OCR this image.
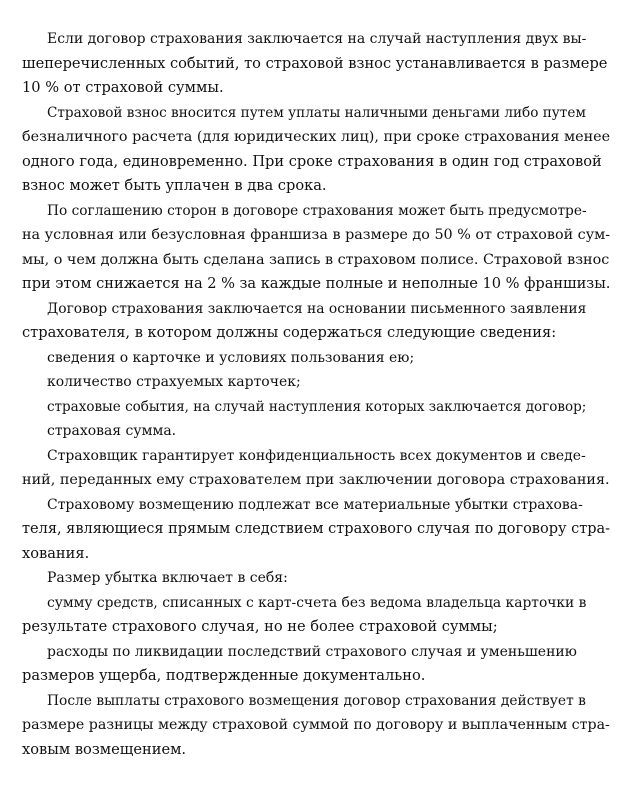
Если договор страхования заключается на случай наступления двух вы-
шеперечисленных событий, то страховой взнос устанавливается в размере
10 % от страховой суммы.

Страховой взнос вносится путем уплаты наличными деньгами либо путем
безналичного расчета (для юридических лиц), при сроке страхования менее
одного года, единовременно. При сроке страхования в один год страховой
взнос может быть уплачен в два срока.

По соглашению сторон в договоре страхования может быть предусмотре-
на условная или безусловная франшиза в размере до 50 % от страховой сум-
мы, о чем должна быть сделана запись в страховом полисе. Страховой взнос
при этом снижается на 2 % за каждые полные и неполные 10 % франшизы.

Договор страхования заключается на основании письменного заявления
страхователя, в котором должны содержаться следующие сведения:

сведения о карточке и условиях пользования ею;

количество страхуемых карточек;

страховые события, на случай наступления которых заключается договор;

страховая сумма.

Страховщик гарантирует конфиденциальность всех документов и сведе-
ний, переданных ему страхователем при заключении договора страхования.

Страховому возмещению подлежат все материальные убытки страхова-
теля, являющиеся прямым следствием страхового случая по договору стра-
хования.

Размер убытка включает в себя:

сумму средств, списанных с карт-счета без ведома владельца карточки в
результате страхового случая, но не более страховой суммы;

расходы по ликвидации последствий страхового случая и уменьшению
размеров ущерба, подтвержденные документально.

После выплаты страхового возмещения договор страхования действует в
размере разницы между страховой суммой по договору и выплаченным стра-
ховым возмещением.
